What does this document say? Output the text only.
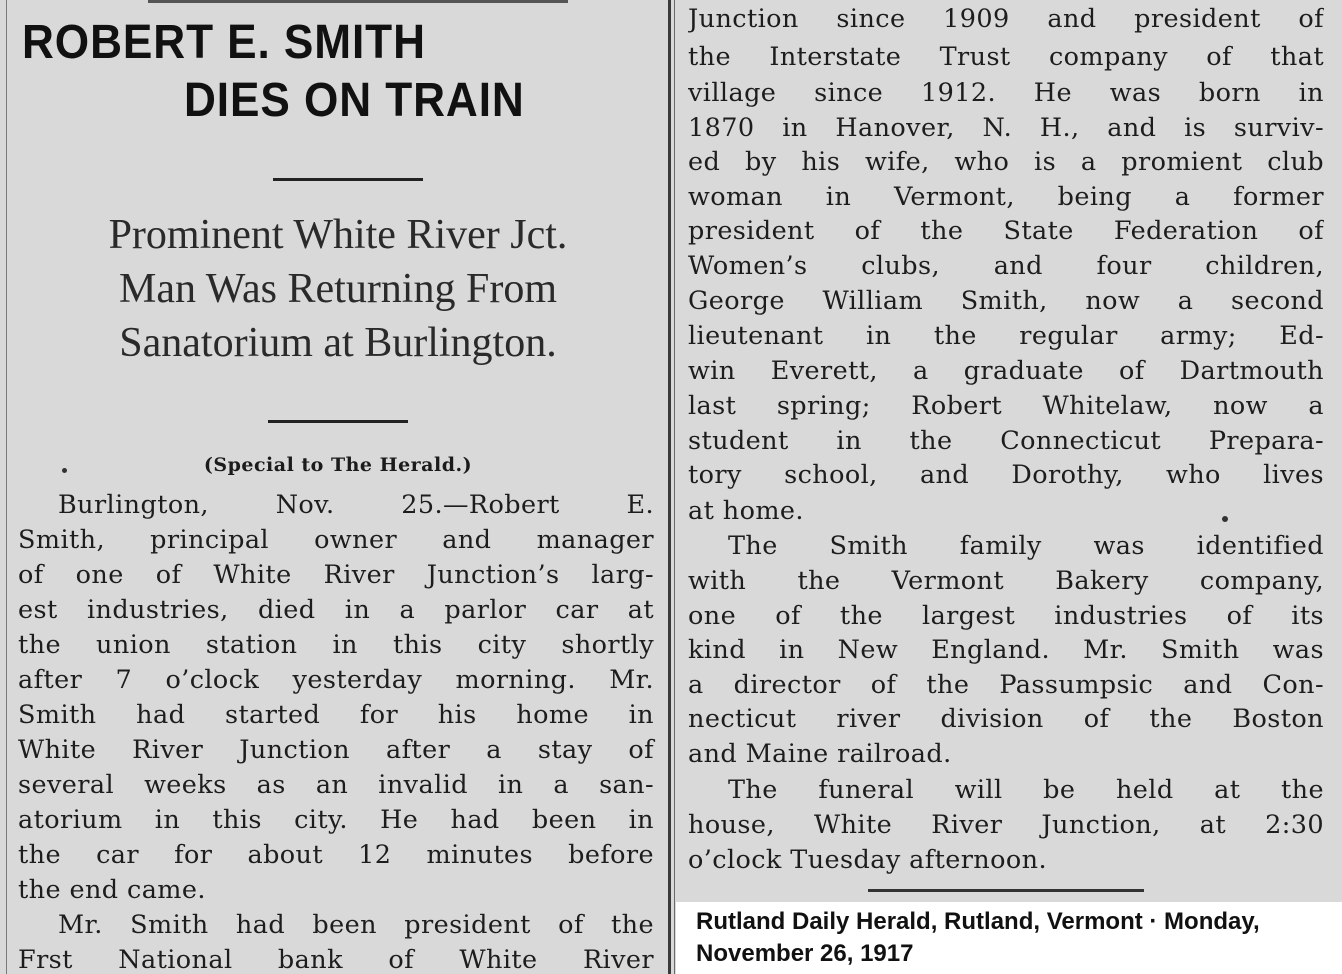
ROBERT E. SMITH

DIES ON TRAIN

Prominent White River Jct.

Man Was Returning From

Sanatorium at Burlington.

(Special to The Herald.)

Burlington, Nov. 25.—Robert E.

Smith, principal owner and manager

of one of White River Junction’s larg-

est industries, died in a parlor car at

the union station in this city shortly

after 7 o’clock yesterday morning. Mr.

Smith had started for his home in

White River Junction after a stay of

several weeks as an invalid in a san-

atorium in this city. He had been in

the car for about 12 minutes before

the end came.

Mr. Smith had been president of the

Frst National bank of White River

Junction since 1909 and president of

the Interstate Trust company of that

village since 1912. He was born in

1870 in Hanover, N. H., and is surviv-

ed by his wife, who is a promient club

woman in Vermont, being a former

president of the State Federation of

Women’s clubs, and four children,

George William Smith, now a second

lieutenant in the regular army; Ed-

win Everett, a graduate of Dartmouth

last spring; Robert Whitelaw, now a

student in the Connecticut Prepara-

tory school, and Dorothy, who lives

at home.

The Smith family was identified

with the Vermont Bakery company,

one of the largest industries of its

kind in New England. Mr. Smith was

a director of the Passumpsic and Con-

necticut river division of the Boston

and Maine railroad.

The funeral will be held at the

house, White River Junction, at 2:30

o’clock Tuesday afternoon.

Rutland Daily Herald, Rutland, Vermont · Monday,
November 26, 1917
